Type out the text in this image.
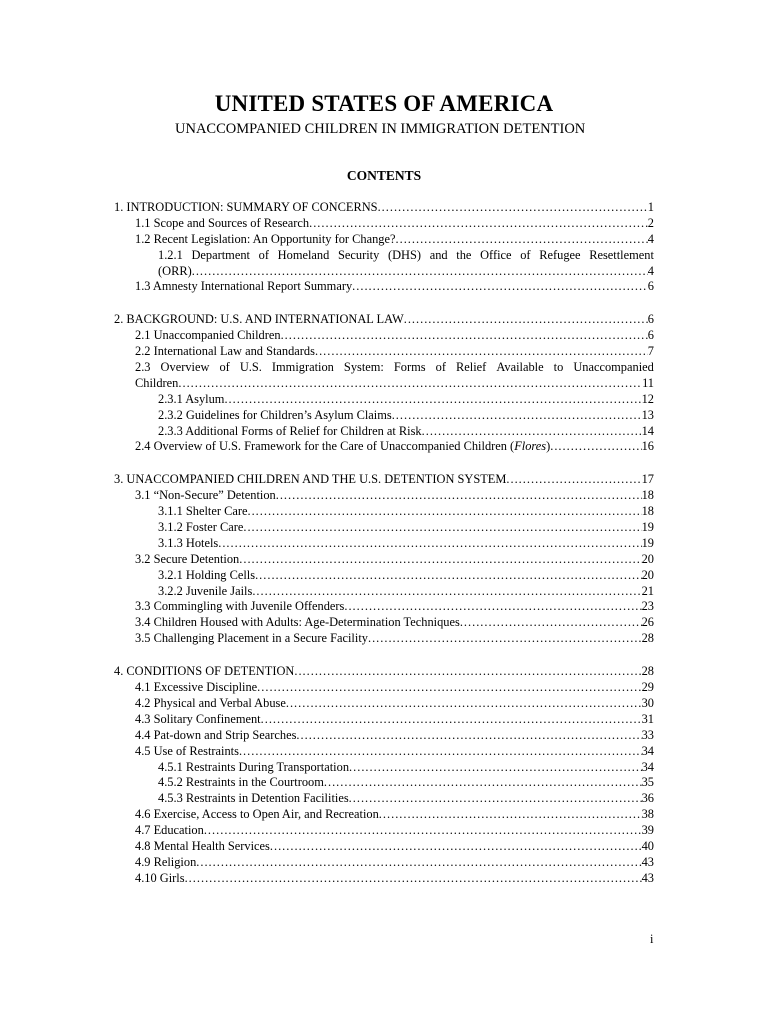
UNITED STATES OF AMERICA
UNACCOMPANIED CHILDREN IN IMMIGRATION DETENTION
CONTENTS
1. INTRODUCTION: SUMMARY OF CONCERNS .....	1
1.1 Scope and Sources of Research .....	2
1.2 Recent Legislation: An Opportunity for Change? .....	4
1.2.1 Department of Homeland Security (DHS) and the Office of Refugee Resettlement
(ORR) .....	4
1.3 Amnesty International Report Summary .....	6
2. BACKGROUND: U.S. AND INTERNATIONAL LAW .....	6
2.1 Unaccompanied Children .....	6
2.2 International Law and Standards .....	7
2.3 Overview of U.S. Immigration System: Forms of Relief Available to Unaccompanied
Children .....	11
2.3.1 Asylum .....	12
2.3.2 Guidelines for Children’s Asylum Claims .....	13
2.3.3 Additional Forms of Relief for Children at Risk .....	14
2.4 Overview of U.S. Framework for the Care of Unaccompanied Children (Flores) .....	16
3. UNACCOMPANIED CHILDREN AND THE U.S. DETENTION SYSTEM .....	17
3.1 “Non-Secure” Detention .....	18
3.1.1 Shelter Care .....	18
3.1.2 Foster Care .....	19
3.1.3 Hotels .....	19
3.2 Secure Detention .....	20
3.2.1 Holding Cells .....	20
3.2.2 Juvenile Jails .....	21
3.3 Commingling with Juvenile Offenders .....	23
3.4 Children Housed with Adults: Age-Determination Techniques .....	26
3.5 Challenging Placement in a Secure Facility .....	28
4. CONDITIONS OF DETENTION .....	28
4.1 Excessive Discipline .....	29
4.2 Physical and Verbal Abuse .....	30
4.3 Solitary Confinement .....	31
4.4 Pat-down and Strip Searches .....	33
4.5 Use of Restraints .....	34
4.5.1 Restraints During Transportation .....	34
4.5.2 Restraints in the Courtroom .....	35
4.5.3 Restraints in Detention Facilities .....	36
4.6 Exercise, Access to Open Air, and Recreation .....	38
4.7 Education .....	39
4.8 Mental Health Services .....	40
4.9 Religion .....	43
4.10 Girls .....	43
i
